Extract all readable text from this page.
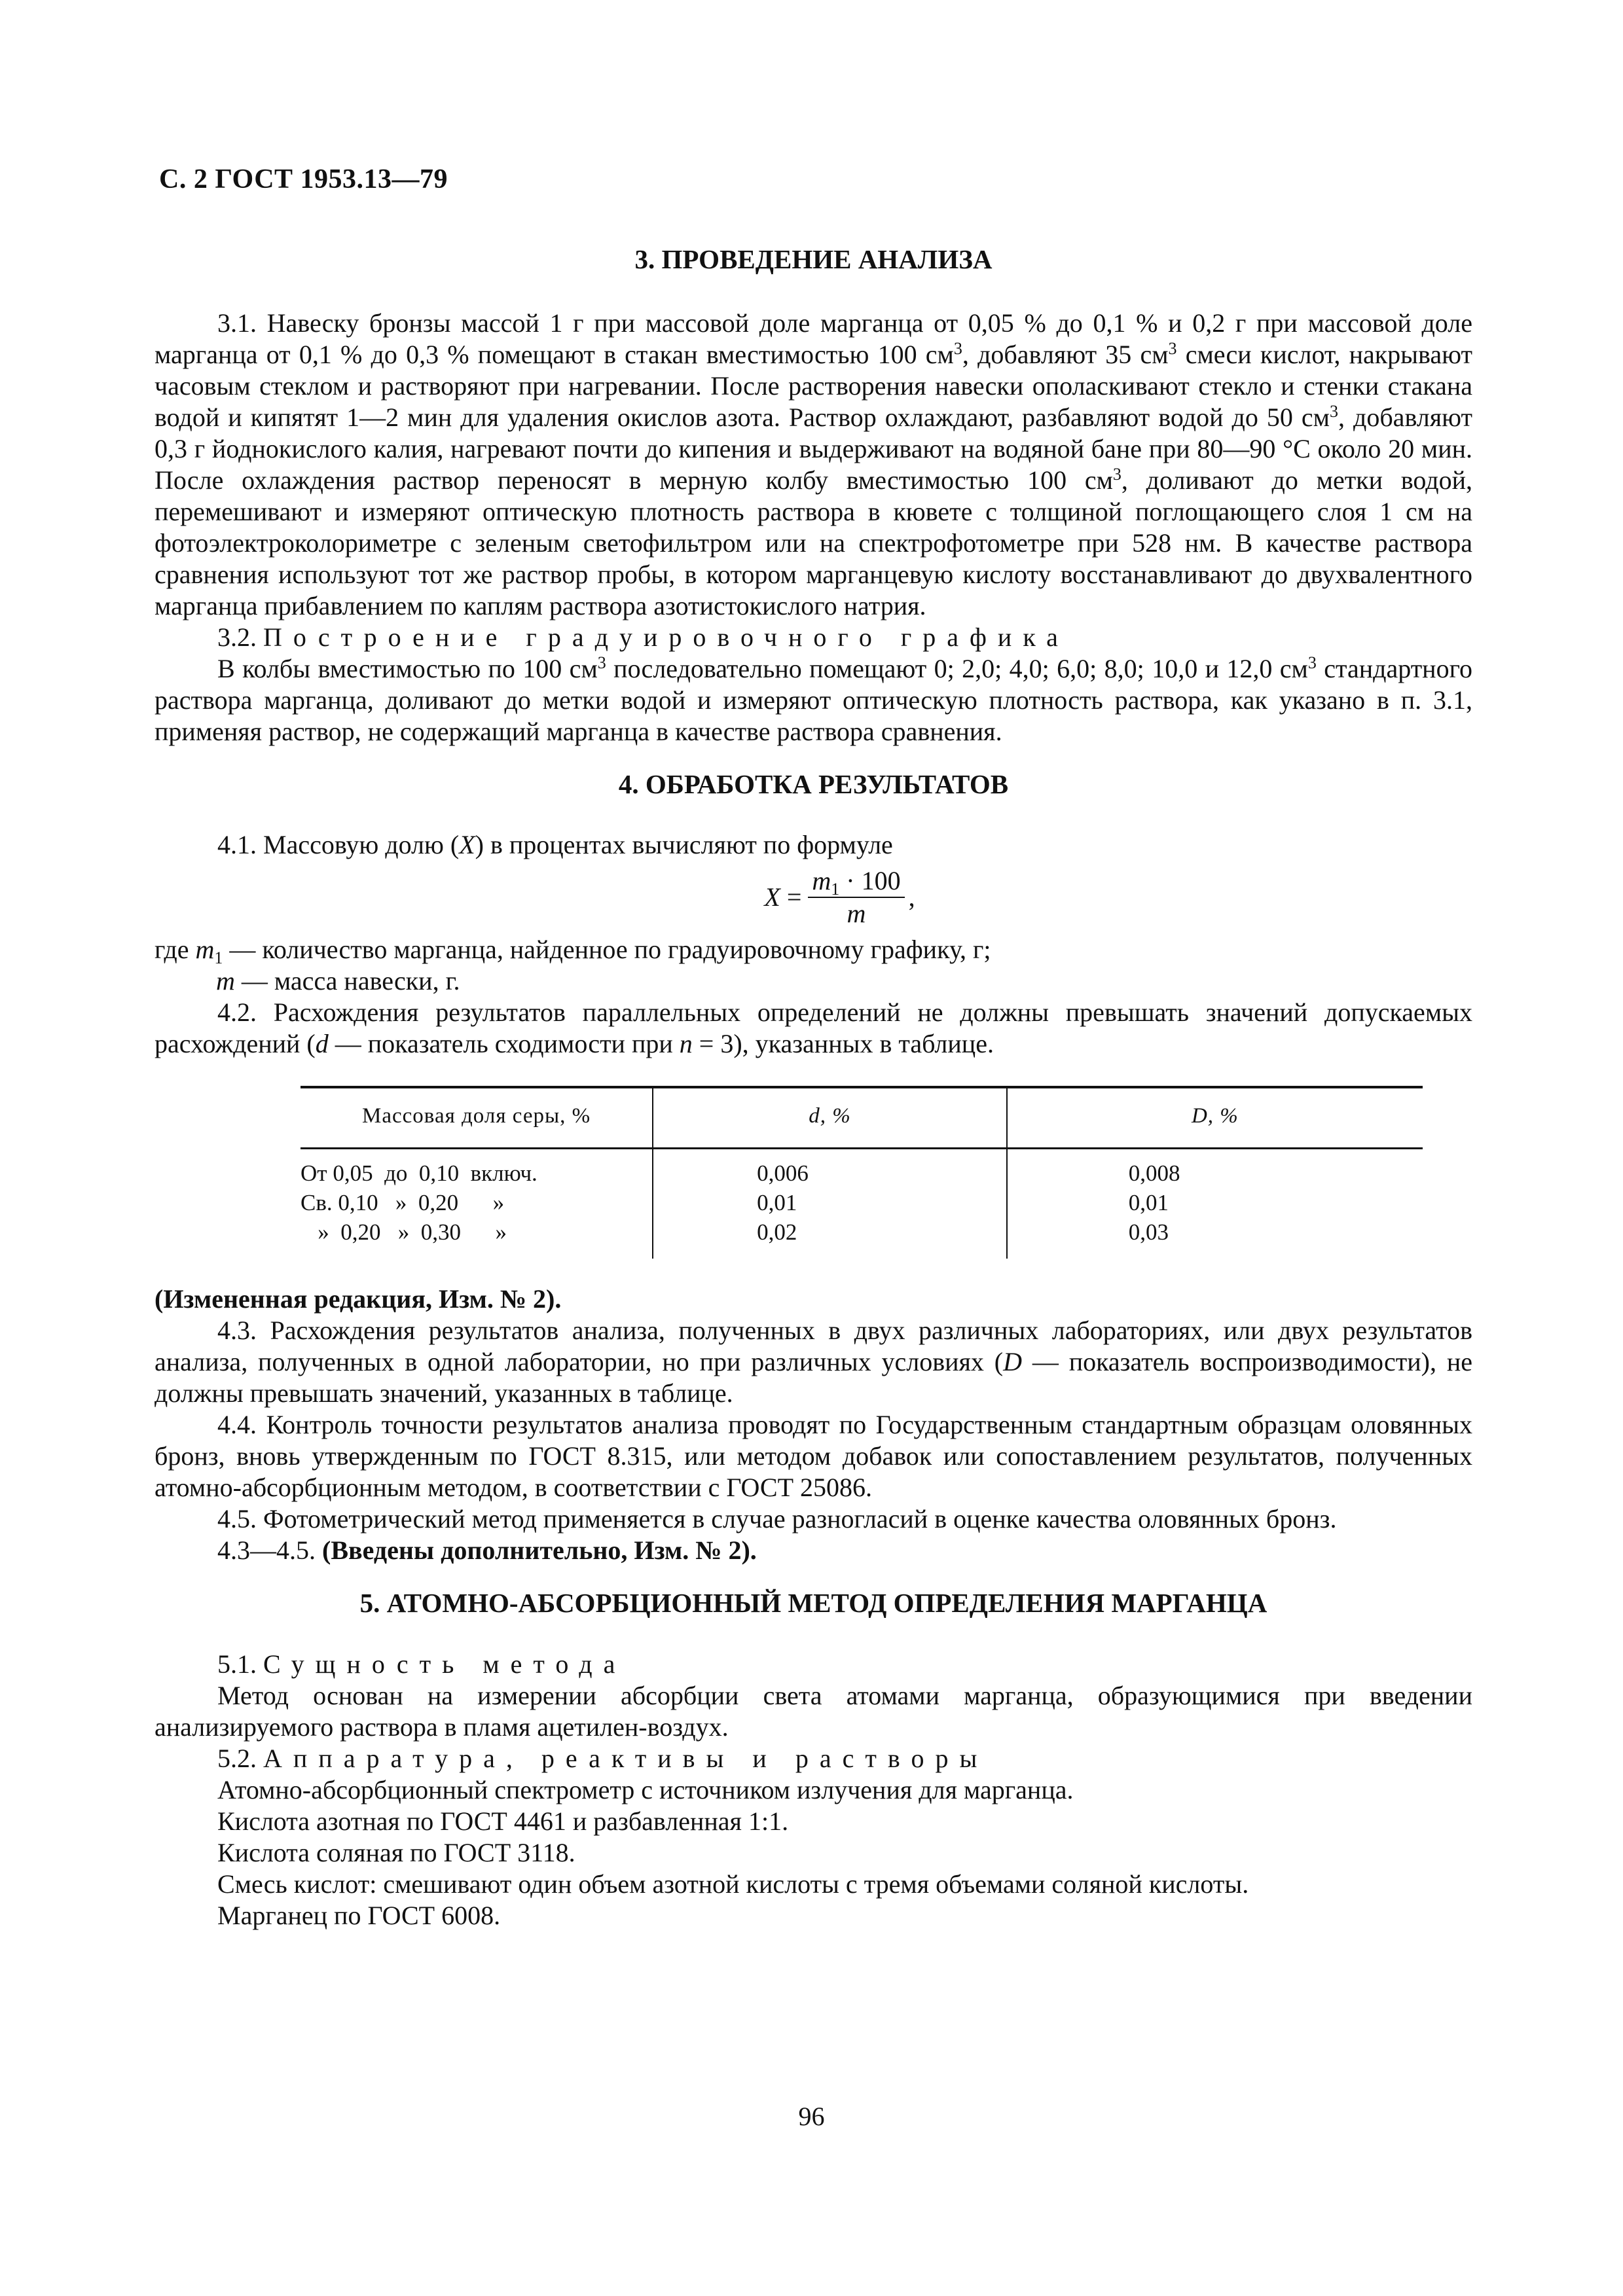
С. 2 ГОСТ 1953.13—79
3. ПРОВЕДЕНИЕ АНАЛИЗА

3.1. Навеску бронзы массой 1 г при массовой доле марганца от 0,05 % до 0,1 % и 0,2 г при массовой доле марганца от 0,1 % до 0,3 % помещают в стакан вместимостью 100 $см^3$, добавляют 35 $см^3$ смеси кислот, накрывают часовым стеклом и растворяют при нагревании. После растворения навески ополаскивают стекло и стенки стакана водой и кипятят 1—2 мин для удаления окислов азота. Раствор охлаждают, разбавляют водой до 50 $см^3$, добавляют 0,3 г йоднокислого калия, нагревают почти до кипения и выдерживают на водяной бане при 80—90 °С около 20 мин. После охлаждения раствор переносят в мерную колбу вместимостью 100 $см^3$, доливают до метки водой, перемешивают и измеряют оптическую плотность раствора в кювете с толщиной поглощающего слоя 1 см на фотоэлектроколориметре с зеленым светофильтром или на спектрофотометре при 528 нм. В качестве раствора сравнения используют тот же раствор пробы, в котором марганцевую кислоту восстанавливают до двухвалентного марганца прибавлением по каплям раствора азотистокислого натрия.

3.2. Построение градуировочного графика

В колбы вместимостью по 100 $см^3$ последовательно помещают 0; 2,0; 4,0; 6,0; 8,0; 10,0 и 12,0 $см^3$ стандартного раствора марганца, доливают до метки водой и измеряют оптическую плотность раствора, как указано в п. 3.1, применяя раствор, не содержащий марганца в качестве раствора сравнения.

4. ОБРАБОТКА РЕЗУЛЬТАТОВ

4.1. Массовую долю (X) в процентах вычисляют по формуле

X
= $\frac{m_1 \cdot 100}{m}$ ,

где $m_1$ — количество марганца, найденное по градуировочному графику, г;

m — масса навески, г.

4.2. Расхождения результатов параллельных определений не должны превышать значений допускаемых расхождений (d — показатель сходимости при n = 3), указанных в таблице.

Массовая доля серы, %	d, %	D, %
От 0,05  до  0,10  включ.	0,006	0,008
Св. 0,10   »  0,20      »	0,01	0,01
»  0,20   »  0,30      »	0,02	0,03

(Измененная редакция, Изм. № 2).

4.3. Расхождения результатов анализа, полученных в двух различных лабораториях, или двух результатов анализа, полученных в одной лаборатории, но при различных условиях (D — показатель воспроизводимости), не должны превышать значений, указанных в таблице.

4.4. Контроль точности результатов анализа проводят по Государственным стандартным образцам оловянных бронз, вновь утвержденным по ГОСТ 8.315, или методом добавок или сопоставлением результатов, полученных атомно-абсорбционным методом, в соответствии с ГОСТ 25086.

4.5. Фотометрический метод применяется в случае разногласий в оценке качества оловянных бронз.

4.3—4.5. (Введены дополнительно, Изм. № 2).

5. АТОМНО-АБСОРБЦИОННЫЙ МЕТОД ОПРЕДЕЛЕНИЯ МАРГАНЦА

5.1. Сущность метода

Метод основан на измерении абсорбции света атомами марганца, образующимися при введении анализируемого раствора в пламя ацетилен-воздух.

5.2. Аппаратура, реактивы и растворы

Атомно-абсорбционный спектрометр с источником излучения для марганца.

Кислота азотная по ГОСТ 4461 и разбавленная 1:1.

Кислота соляная по ГОСТ 3118.

Смесь кислот: смешивают один объем азотной кислоты с тремя объемами соляной кислоты.

Марганец по ГОСТ 6008.

96
